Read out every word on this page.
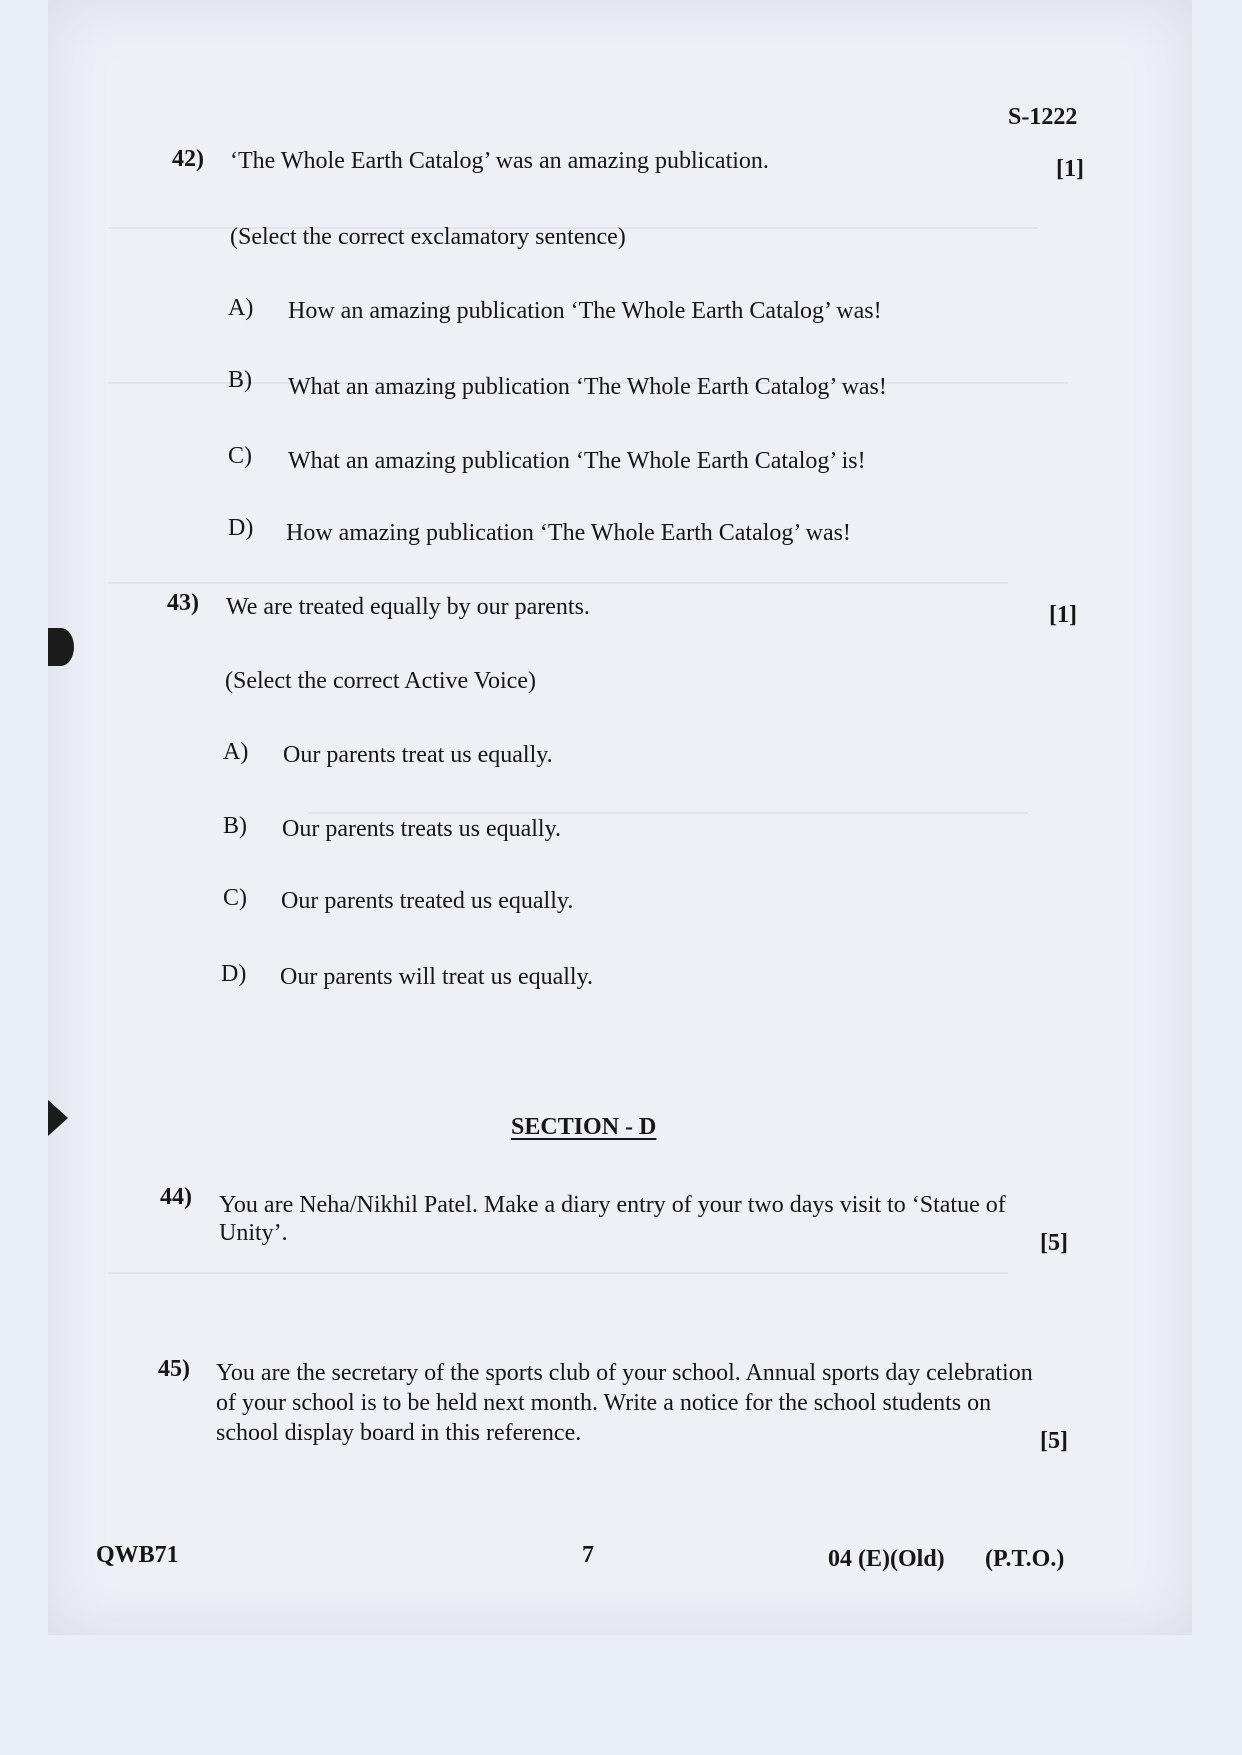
S-1222
42) ‘The Whole Earth Catalog’ was an amazing publication.	[1]
(Select the correct exclamatory sentence)
A) How an amazing publication ‘The Whole Earth Catalog’ was!
B) What an amazing publication ‘The Whole Earth Catalog’ was!
C) What an amazing publication ‘The Whole Earth Catalog’ is!
D) How amazing publication ‘The Whole Earth Catalog’ was!
43) We are treated equally by our parents.	[1]
(Select the correct Active Voice)
A) Our parents treat us equally.
B) Our parents treats us equally.
C) Our parents treated us equally.
D) Our parents will treat us equally.
SECTION - D
44) You are Neha/Nikhil Patel. Make a diary entry of your two days visit to ‘Statue of
Unity’.	[5]
45) You are the secretary of the sports club of your school. Annual sports day celebration
of your school is to be held next month. Write a notice for the school students on
school display board in this reference.	[5]
QWB71	7	04 (E)(Old) (P.T.O.)
